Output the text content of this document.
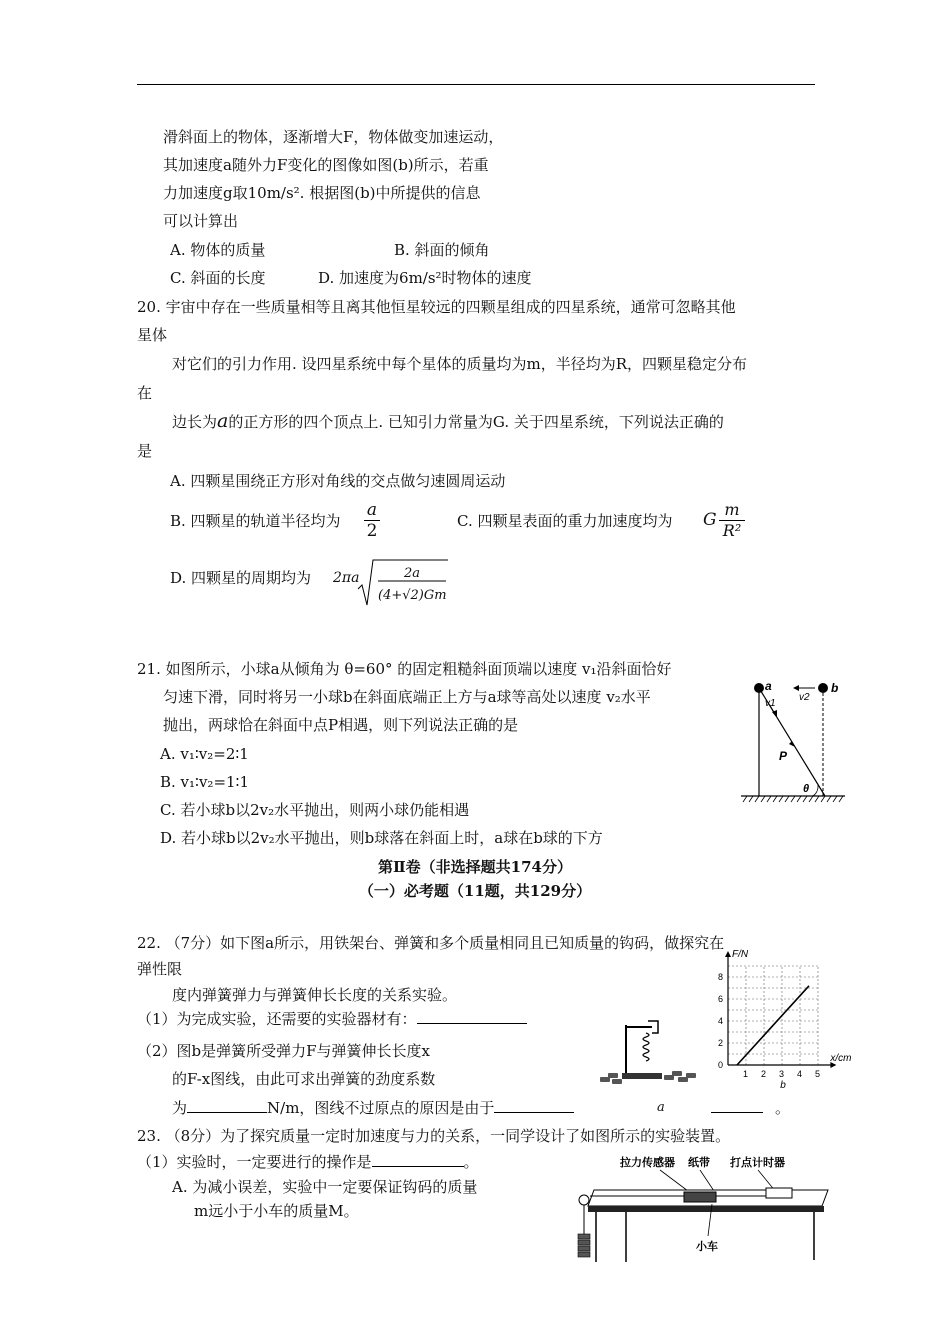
滑斜面上的物体，逐渐增大F，物体做变加速运动，
其加速度a随外力F变化的图像如图(b)所示，若重
力加速度g取10m/s². 根据图(b)中所提供的信息
可以计算出
A. 物体的质量	B. 斜面的倾角
C. 斜面的长度	D. 加速度为6m/s²时物体的速度
20. 宇宙中存在一些质量相等且离其他恒星较远的四颗星组成的四星系统，通常可忽略其他
星体
对它们的引力作用. 设四星系统中每个星体的质量均为m，半径均为R，四颗星稳定分布
在
边长为a的正方形的四个顶点上. 已知引力常量为G. 关于四星系统，下列说法正确的
是
A. 四颗星围绕正方形对角线的交点做匀速圆周运动
B. 四颗星的轨道半径均为 $\frac{a}{2}$	C. 四颗星表面的重力加速度均为 G $\frac{m}{\text{R²}}$
D. 四颗星的周期均为 2πa	2a
(4+√2)Gm
21. 如图所示，小球a从倾角为 θ=60° 的固定粗糙斜面顶端以速度 v₁沿斜面恰好
匀速下滑，同时将另一小球b在斜面底端正上方与a球等高处以速度 v₂水平
抛出，两球恰在斜面中点P相遇，则下列说法正确的是
A. v₁∶v₂=2∶1
B. v₁∶v₂=1∶1
C. 若小球b以2v₂水平抛出，则两小球仍能相遇
D. 若小球b以2v₂水平抛出，则b球落在斜面上时，a球在b球的下方
a	b
v1
v2
P
θ
第Ⅱ卷（非选择题共174分）
（一）必考题（11题，共129分）
22. （7分）如下图a所示，用铁架台、弹簧和多个质量相同且已知质量的钩码，做探究在
弹性限
度内弹簧弹力与弹簧伸长长度的关系实验。
（1）为完成实验，还需要的实验器材有：
（2）图b是弹簧所受弹力F与弹簧伸长长度x
的F-x图线，由此可求出弹簧的劲度系数
为	N/m，图线不过原点的原因是由于	a	。
0
2
4
6
8
1 2 3 4 5
F/N
x/cm
b
23. （8分）为了探究质量一定时加速度与力的关系，一同学设计了如图所示的实验装置。
（1）实验时，一定要进行的操作是	。
A. 为减小误差，实验中一定要保证钩码的质量
m远小于小车的质量M。
拉力传感器 纸带 打点计时器
小车
